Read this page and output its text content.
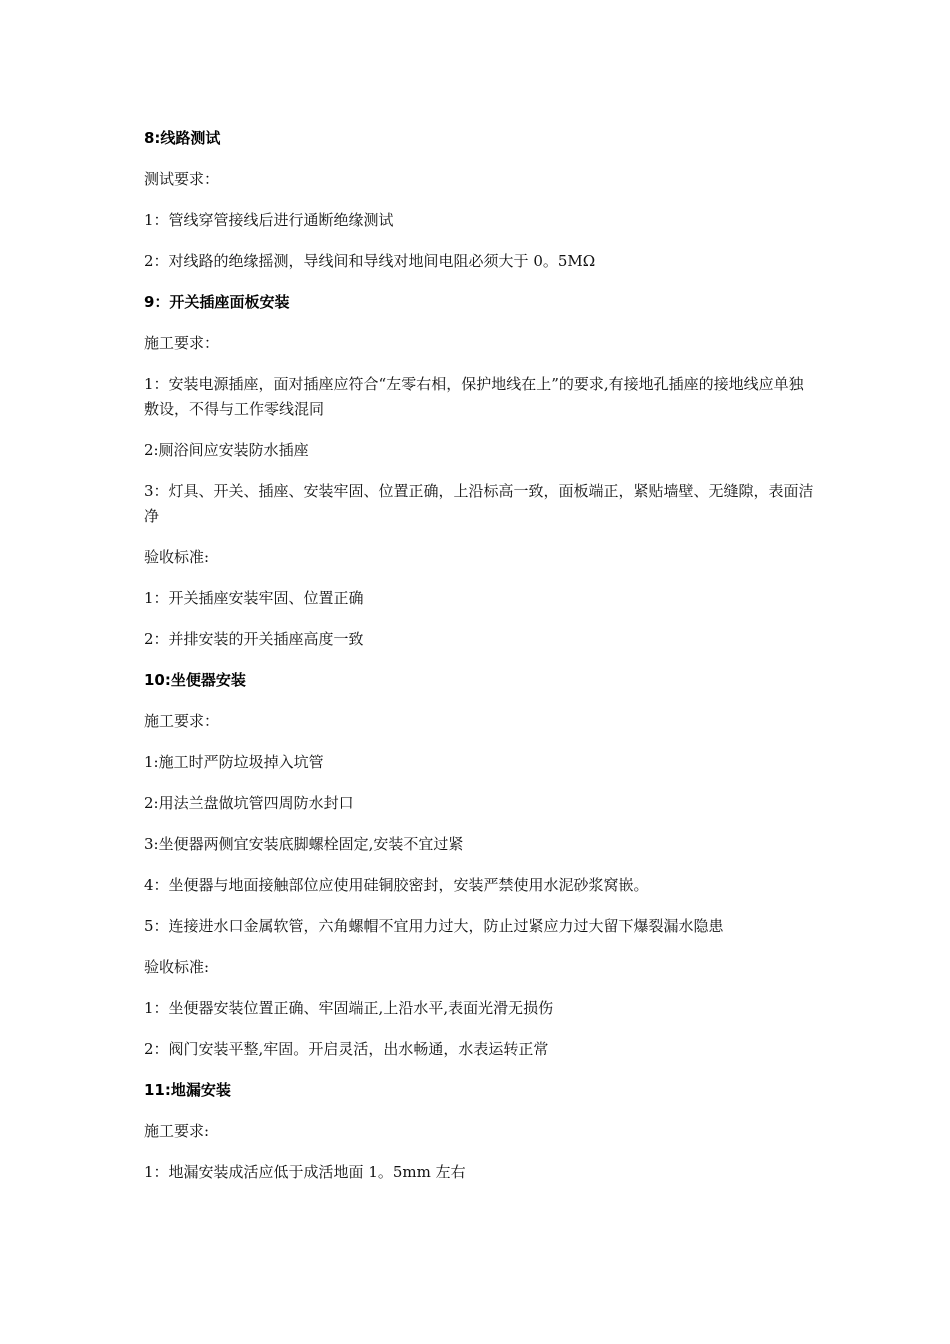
8:线路测试

测试要求：

1：管线穿管接线后进行通断绝缘测试

2：对线路的绝缘摇测，导线间和导线对地间电阻必须大于 0。5MΩ

9：开关插座面板安装

施工要求：

1：安装电源插座，面对插座应符合“左零右相，保护地线在上”的要求,有接地孔插座的接地线应单独敷设，不得与工作零线混同

2:厕浴间应安装防水插座

3：灯具、开关、插座、安装牢固、位置正确，上沿标高一致，面板端正，紧贴墙壁、无缝隙，表面洁净

验收标准:

1：开关插座安装牢固、位置正确

2：并排安装的开关插座高度一致

10:坐便器安装

施工要求：

1:施工时严防垃圾掉入坑管

2:用法兰盘做坑管四周防水封口

3:坐便器两侧宜安装底脚螺栓固定,安装不宜过紧

4：坐便器与地面接触部位应使用硅铜胶密封，安装严禁使用水泥砂浆窝嵌。

5：连接进水口金属软管，六角螺帽不宜用力过大，防止过紧应力过大留下爆裂漏水隐患

验收标准:

1：坐便器安装位置正确、牢固端正,上沿水平,表面光滑无损伤

2：阀门安装平整,牢固。开启灵活，出水畅通，水表运转正常

11:地漏安装

施工要求:

1：地漏安装成活应低于成活地面 1。5mm 左右
